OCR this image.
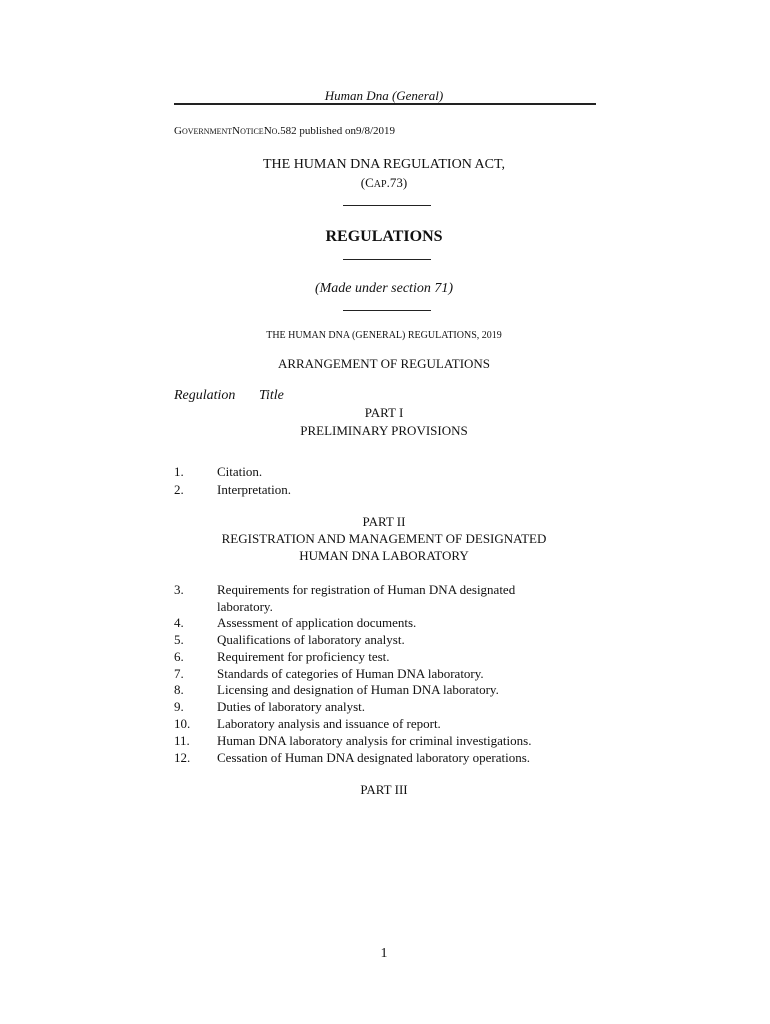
Human Dna (General)
GOVERNMENTNOTICENO.582 published on9/8/2019
THE HUMAN DNA REGULATION ACT,
(CAP.73)
REGULATIONS
(Made under section 71)
THE HUMAN DNA (GENERAL) REGULATIONS, 2019
ARRANGEMENT OF REGULATIONS
Regulation Title
PART I
PRELIMINARY PROVISIONS
1.	Citation.
2.	Interpretation.
PART II
REGISTRATION AND MANAGEMENT OF DESIGNATED
HUMAN DNA LABORATORY
3.	Requirements for registration of Human DNA designated
laboratory.
4.	Assessment of application documents.
5.	Qualifications of laboratory analyst.
6.	Requirement for proficiency test.
7.	Standards of categories of Human DNA laboratory.
8.	Licensing and designation of Human DNA laboratory.
9.	Duties of laboratory analyst.
10. Laboratory analysis and issuance of report.
11. Human DNA laboratory analysis for criminal investigations.
12. Cessation of Human DNA designated laboratory operations.
PART III
1
